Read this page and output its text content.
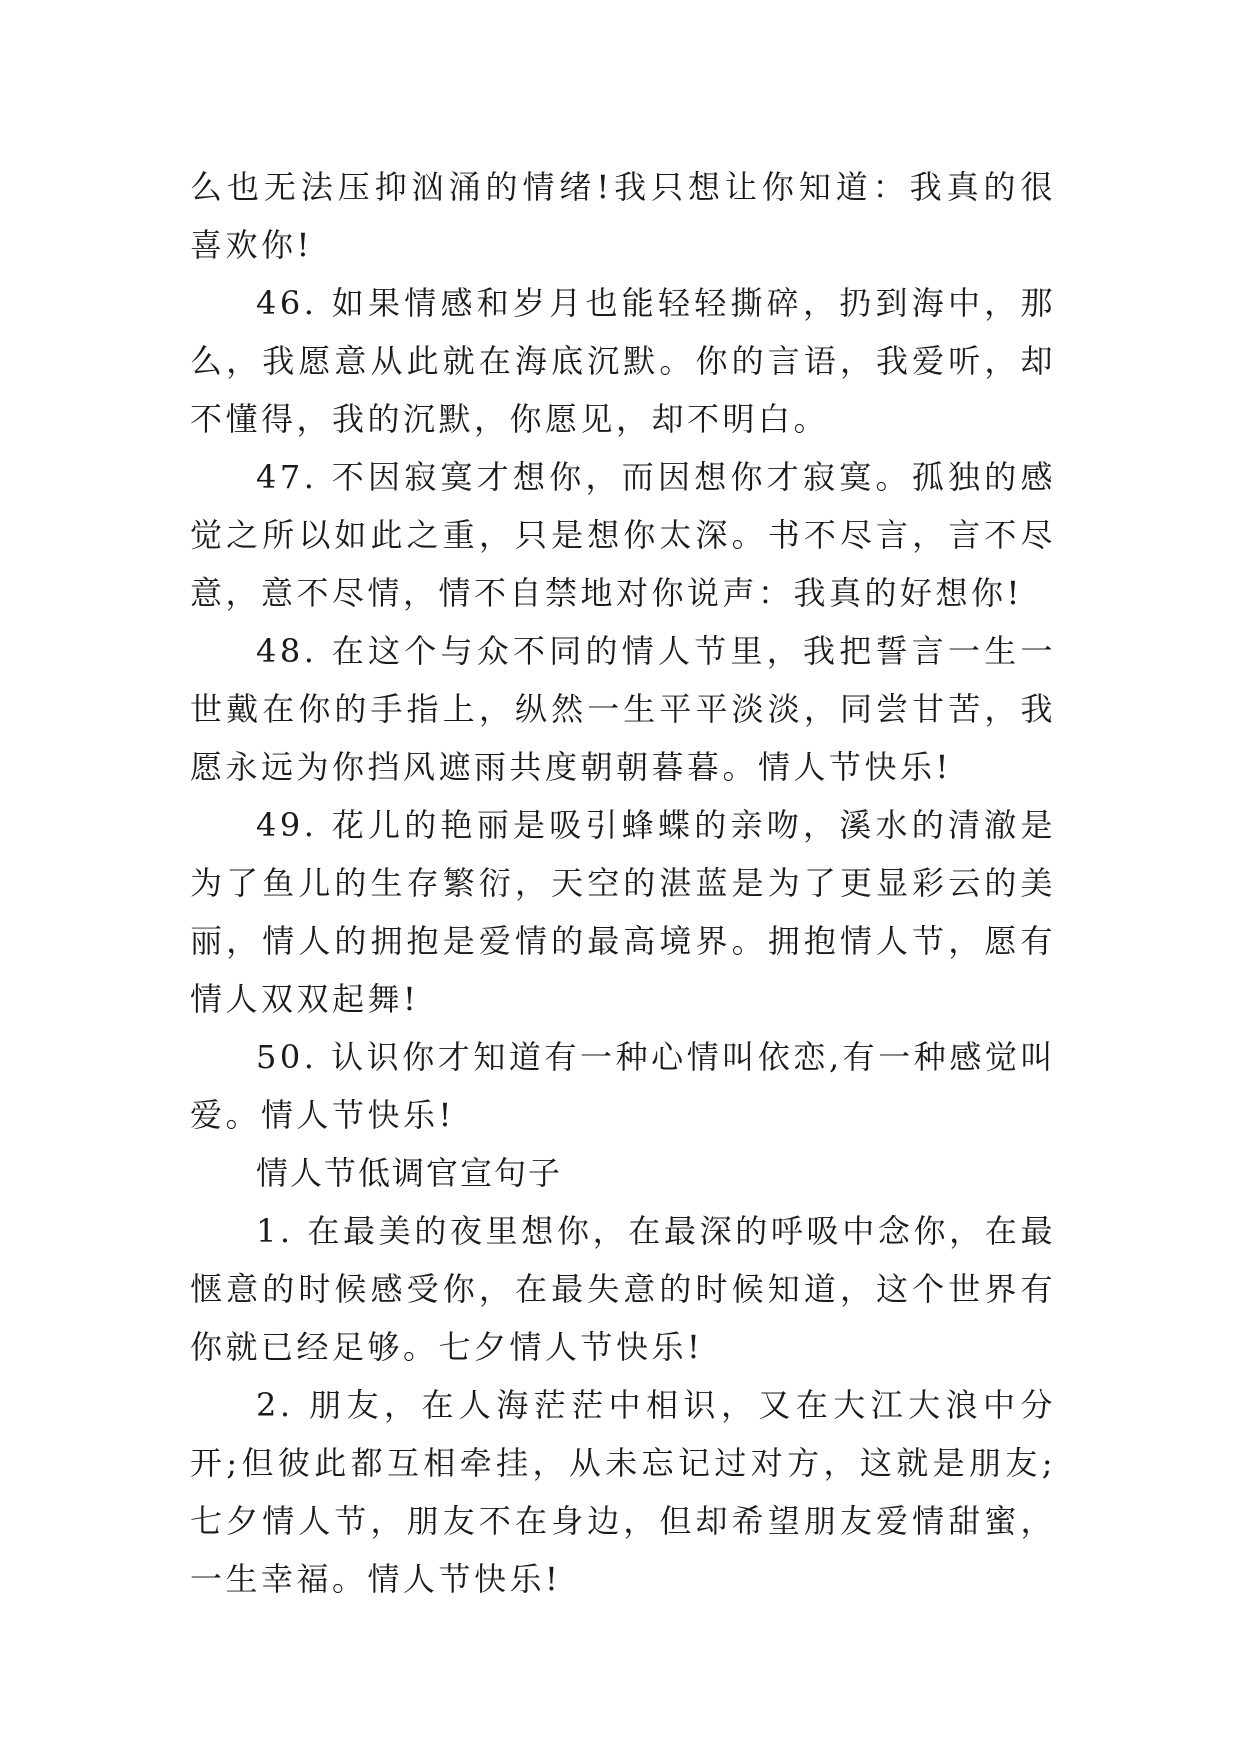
么也无法压抑汹涌的情绪!我只想让你知道：我真的很喜欢你!

46. 如果情感和岁月也能轻轻撕碎，扔到海中，那么，我愿意从此就在海底沉默。你的言语，我爱听，却不懂得，我的沉默，你愿见，却不明白。

47. 不因寂寞才想你，而因想你才寂寞。孤独的感觉之所以如此之重，只是想你太深。书不尽言，言不尽意，意不尽情，情不自禁地对你说声：我真的好想你!

48. 在这个与众不同的情人节里，我把誓言一生一世戴在你的手指上，纵然一生平平淡淡，同尝甘苦，我愿永远为你挡风遮雨共度朝朝暮暮。情人节快乐!

49. 花儿的艳丽是吸引蜂蝶的亲吻，溪水的清澈是为了鱼儿的生存繁衍，天空的湛蓝是为了更显彩云的美丽，情人的拥抱是爱情的最高境界。拥抱情人节，愿有情人双双起舞!

50. 认识你才知道有一种心情叫依恋,有一种感觉叫爱。情人节快乐!

情人节低调官宣句子

1. 在最美的夜里想你，在最深的呼吸中念你，在最惬意的时候感受你，在最失意的时候知道，这个世界有你就已经足够。七夕情人节快乐!

2. 朋友，在人海茫茫中相识，又在大江大浪中分开;但彼此都互相牵挂，从未忘记过对方，这就是朋友;七夕情人节，朋友不在身边，但却希望朋友爱情甜蜜，一生幸福。情人节快乐!
